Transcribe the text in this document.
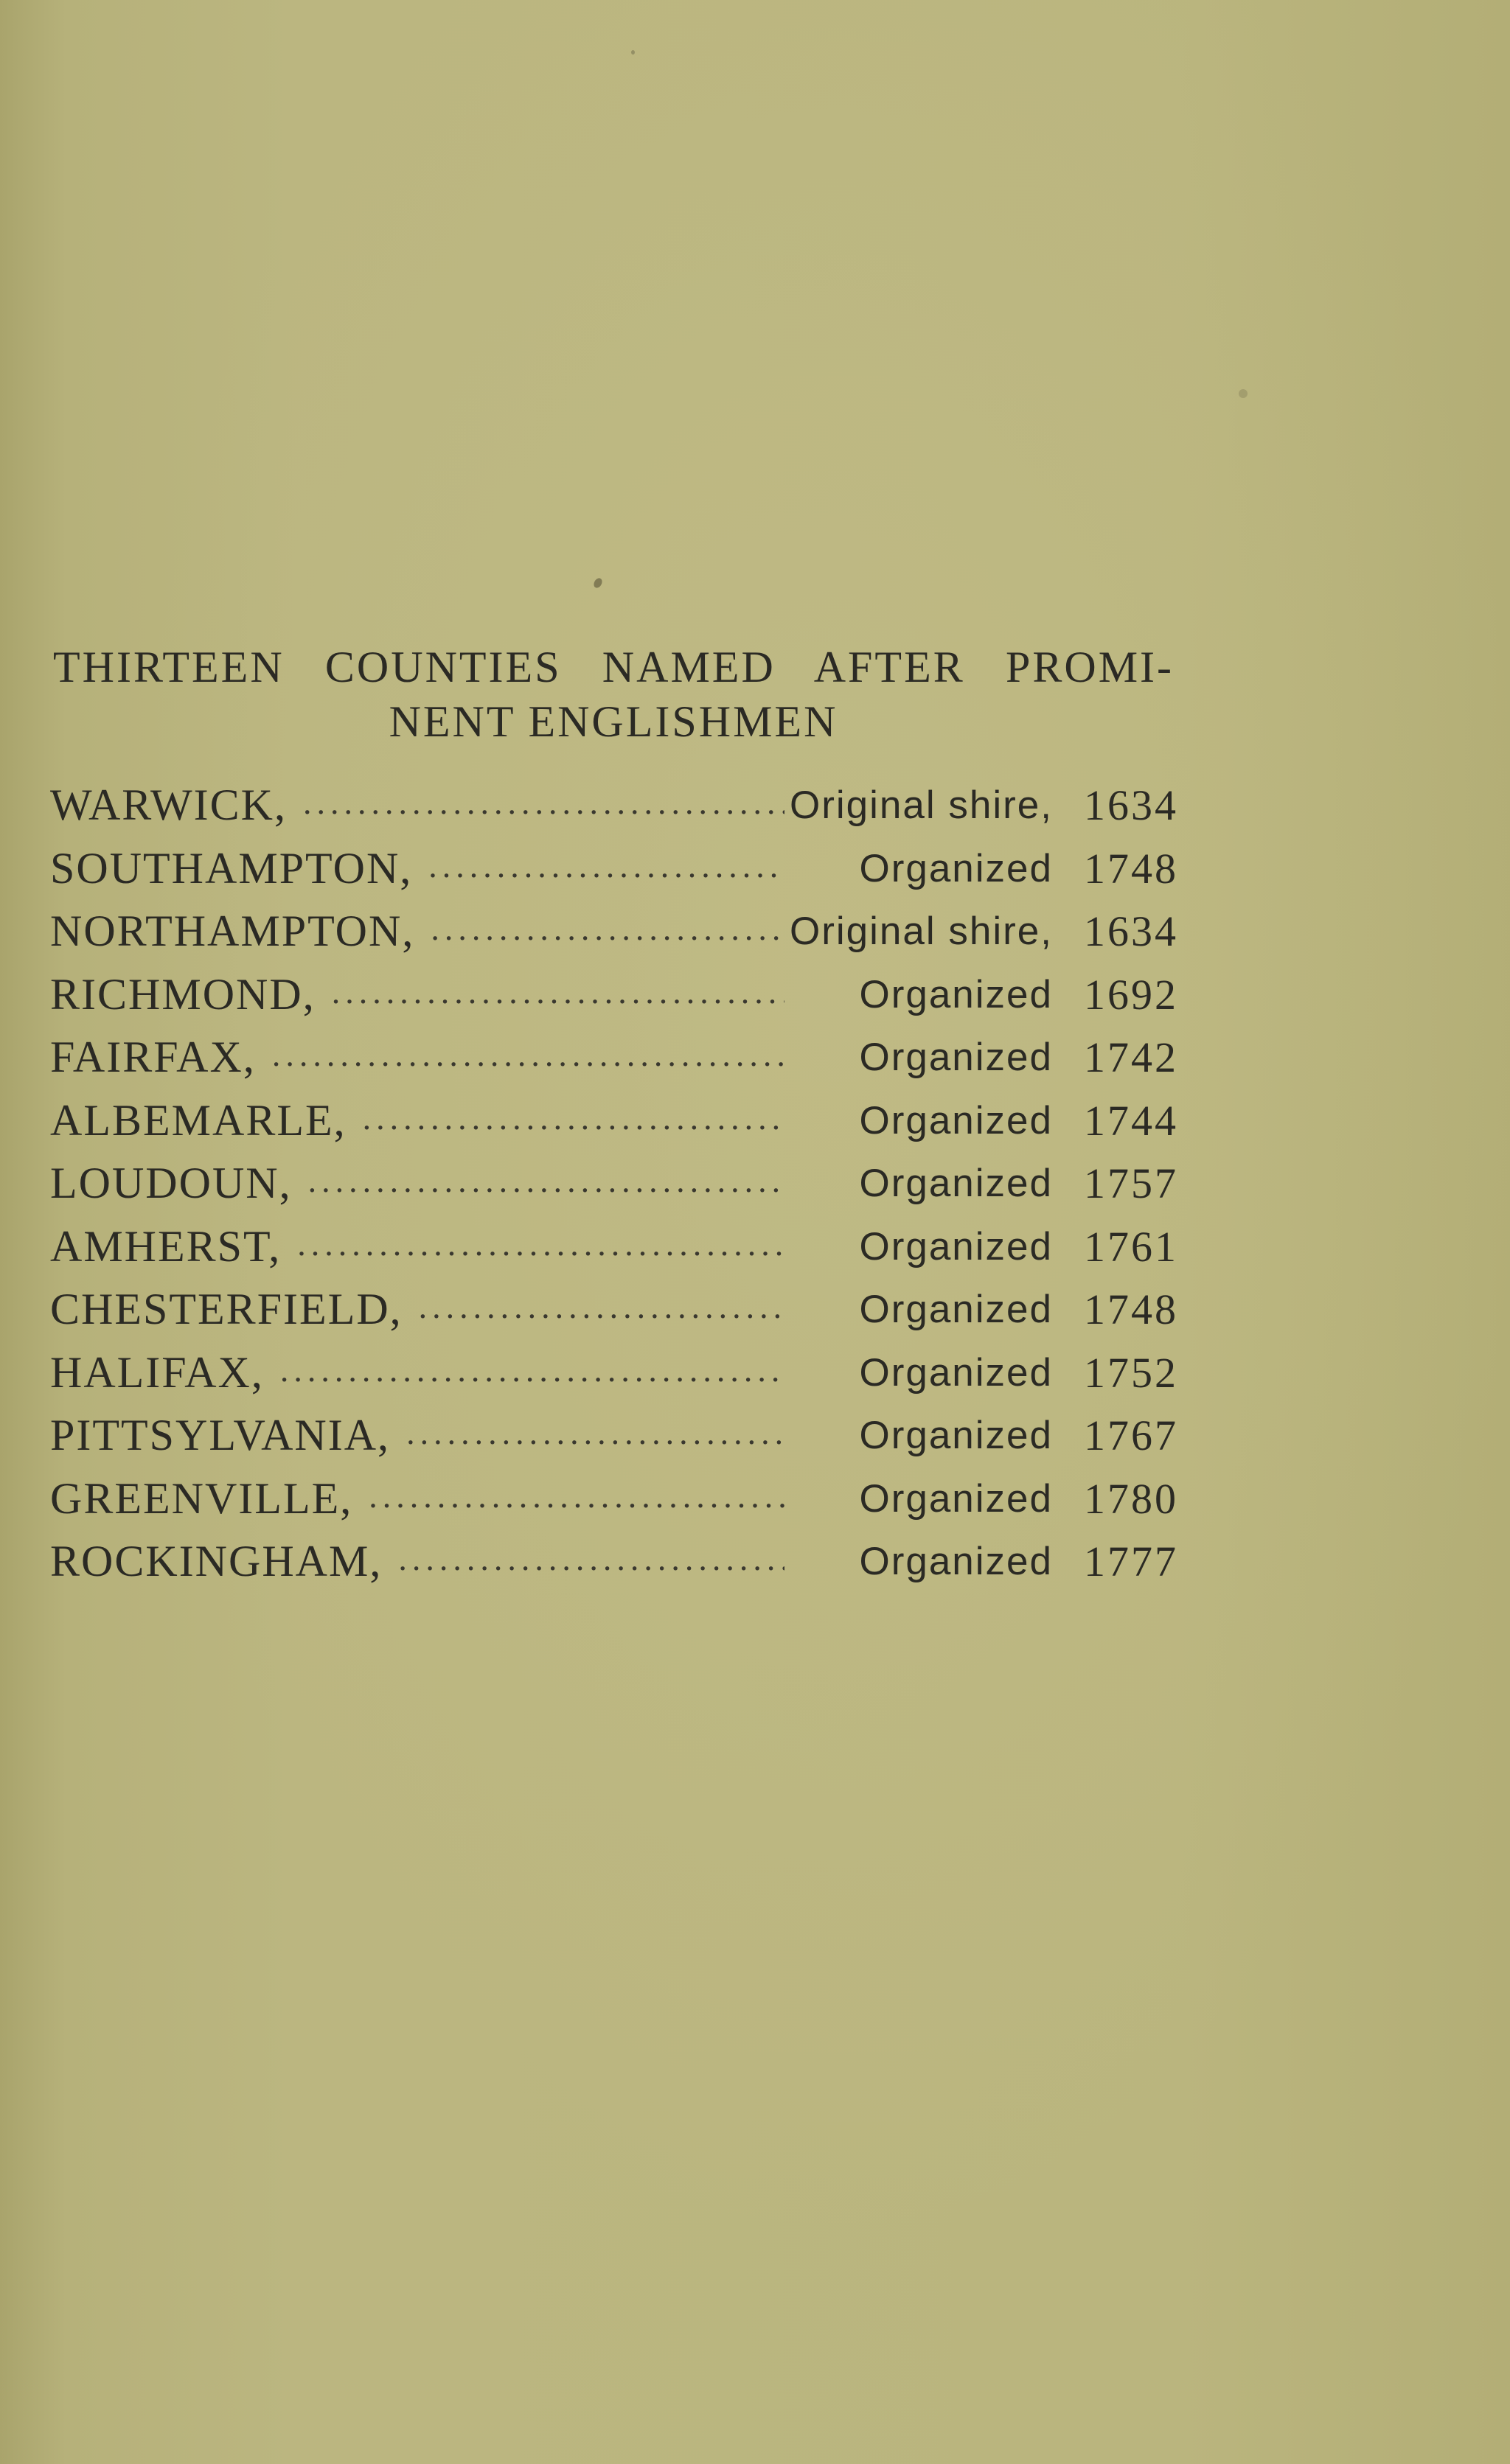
THIRTEEN COUNTIES NAMED AFTER PROMI-
NENT ENGLISHMEN
WARWICK, .....	Original shire, 1634
SOUTHAMPTON, .....	Organized 1748
NORTHAMPTON, .....	Original shire, 1634
RICHMOND, .....	Organized 1692
FAIRFAX, .....	Organized 1742
ALBEMARLE, .....	Organized 1744
LOUDOUN, .....	Organized 1757
AMHERST, .....	Organized 1761
CHESTERFIELD, .....	Organized 1748
HALIFAX, .....	Organized 1752
PITTSYLVANIA, .....	Organized 1767
GREENVILLE, .....	Organized 1780
ROCKINGHAM, .....	Organized 1777
